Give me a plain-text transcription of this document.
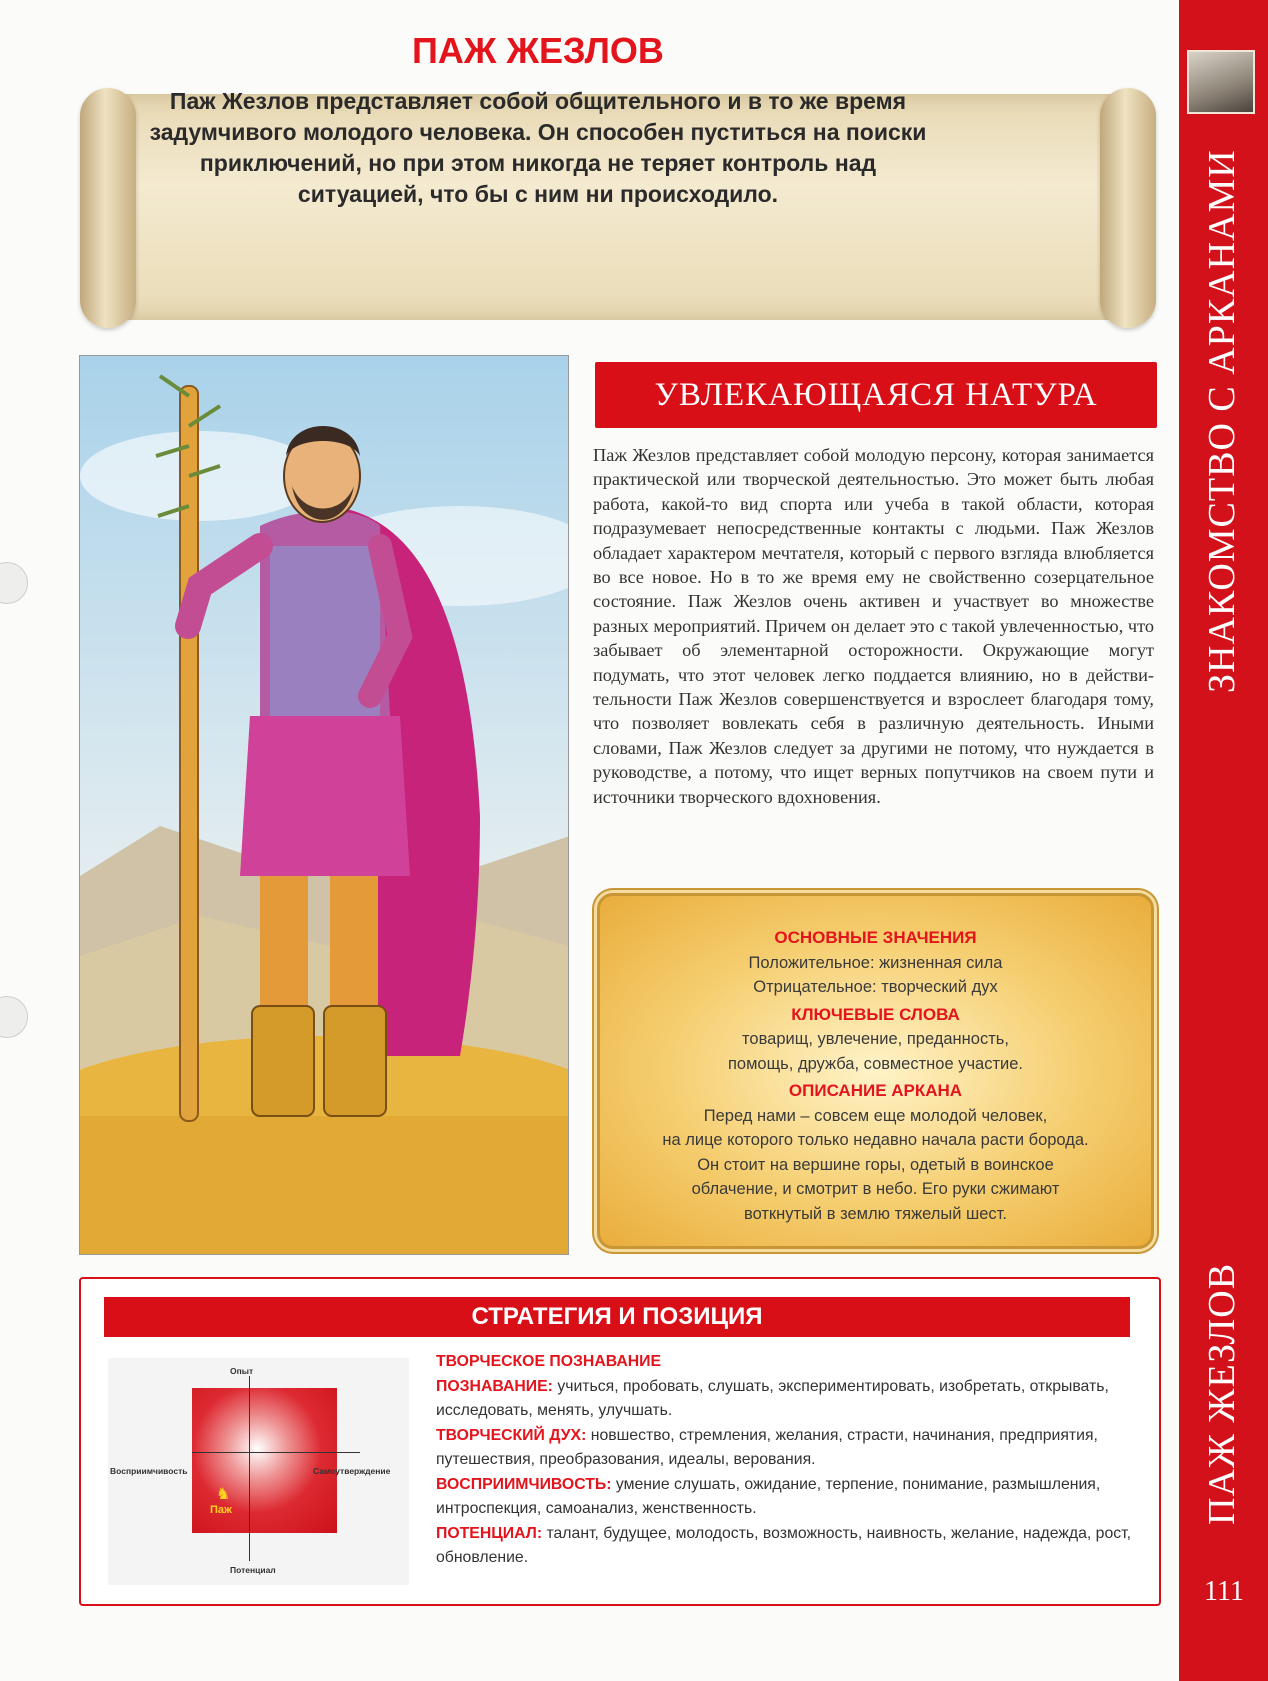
ЗНАКОМСТВО С АРКАНАМИ
ПАЖ ЖЕЗЛОВ
111
ПАЖ ЖЕЗЛОВ
Паж Жезлов представляет собой общительного и в то же время задумчивого молодого человека. Он способен пуститься на поиски приключений, но при этом никогда не теряет контроль над ситуацией, что бы с ним ни происходило.
УВЛЕКАЮЩАЯСЯ НАТУРА

Паж Жезлов представляет собой молодую персону, которая занимается практической или творческой деятельностью. Это может быть любая работа, какой-то вид спорта или учеба в такой области, которая подразумевает непосредственные контакты с людьми. Паж Жезлов обладает характером мечтателя, который с первого взгляда влюбляется во все новое. Но в то же время ему не свойственно созерцательное состояние. Паж Жезлов очень активен и участвует во множестве разных мероприятий. Причем он делает это с такой увлеченностью, что забывает об элементарной осторожности. Окружающие могут подумать, что этот человек легко поддается влиянию, но в действительности Паж Жезлов совершенствуется и взрослеет благодаря тому, что позволяет вовлекать себя в различную деятельность. Иными словами, Паж Жезлов следует за другими не потому, что нуждается в руководстве, а потому, что ищет верных попутчиков на своем пути и источники творческого вдохновения.

ОСНОВНЫЕ ЗНАЧЕНИЯ
Положительное: жизненная сила
Отрицательное: творческий дух
КЛЮЧЕВЫЕ СЛОВА
товарищ, увлечение, преданность,
помощь, дружба, совместное участие.
ОПИСАНИЕ АРКАНА
Перед нами – совсем еще молодой человек,
на лице которого только недавно начала расти борода.
Он стоит на вершине горы, одетый в воинское
облачение, и смотрит в небо. Его руки сжимают
воткнутый в землю тяжелый шест.
СТРАТЕГИЯ И ПОЗИЦИЯ
Опыт
Потенциал
Восприимчивость	Самоутверждение
♞
Паж

ТВОРЧЕСКОЕ ПОЗНАВАНИЕ

ПОЗНАВАНИЕ: учиться, пробовать, слушать, экспериментировать, изобретать, открывать, исследовать, менять, улучшать.

ТВОРЧЕСКИЙ ДУХ: новшество, стремления, желания, страсти, начинания, предприятия, путешествия, преобразования, идеалы, верования.

ВОСПРИИМЧИВОСТЬ: умение слушать, ожидание, терпение, понимание, размышления, интроспекция, самоанализ, женственность.

ПОТЕНЦИАЛ: талант, будущее, молодость, возможность, наивность, желание, надежда, рост, обновление.
